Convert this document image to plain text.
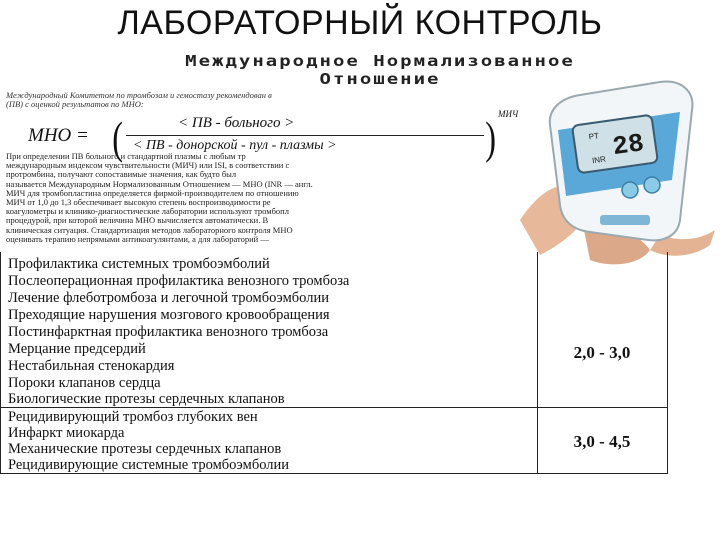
ЛАБОРАТОРНЫЙ КОНТРОЛЬ
Международное Нормализованное
Отношение
Международный Комитетом по тромбозам и гемостазу рекомендован в
(ПВ) с оценкой результатов по МНО:
МНО = (	< ПВ - больного >
< ПВ - донорской - пул - плазмы >	) МИЧ
При определении ПВ больного и стандартной плазмы с любым тр
международным индексом чувствительности (МИЧ) или ISI, в соответствии с
протромбина, получают сопоставимые значения, как будто был
называется Международным Нормализованным Отношением — МНО (INR — англ.
МИЧ для тромбопластина определяется фирмой-производителем по отношению
МИЧ от 1,0 до 1,3 обеспечивает высокую степень воспроизводимости ре
коагулометры и клинико-диагностические лаборатории используют тромбопл
процедурой, при которой величина МНО вычисляется автоматически. В
клиническая ситуация. Стандартизация методов лабораторного контроля МНО
оценивать терапию непрямыми антикоагулянтами, а для лабораторий —
28
PT
INR
Профилактика системных тромбоэмболий
Послеоперационная профилактика венозного тромбоза
Лечение флеботромбоза и легочной тромбоэмболии
Преходящие нарушения мозгового кровообращения
Постинфарктная профилактика венозного тромбоза
Мерцание предсердий
Нестабильная стенокардия
Пороки клапанов сердца
Биологические протезы сердечных клапанов
2,0 - 3,0
Рецидивирующий тромбоз глубоких вен
Инфаркт миокарда
Механические протезы сердечных клапанов
Рецидивирующие системные тромбоэмболии
3,0 - 4,5
